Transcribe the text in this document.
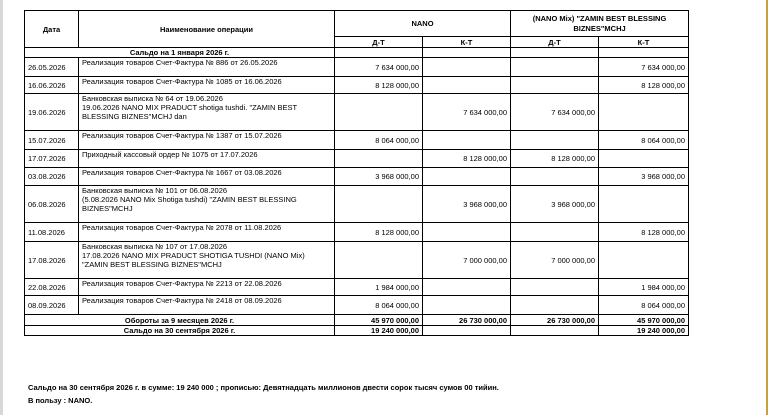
Дата	Наименование операции	NANO		(NANO Mix) "ZAMIN BEST BLESSING BIZNES"MCHJ	
		Д-Т	К-Т	Д-Т	К-Т
Сальдо на 1 января 2026 г.					
26.05.2026	Реализация товаров Счет-Фактура № 886 от 26.05.2026	7 634 000,00			7 634 000,00
16.06.2026	Реализация товаров Счет-Фактура № 1085 от 16.06.2026	8 128 000,00			8 128 000,00
19.06.2026	Банковская выписка № 64 от 19.06.2026
19.06.2026 NANO MIX PRADUCT shotiga tushdi. "ZAMIN BEST BLESSING BIZNES"MCHJ dan		7 634 000,00	7 634 000,00	
15.07.2026	Реализация товаров Счет-Фактура № 1387 от 15.07.2026	8 064 000,00			8 064 000,00
17.07.2026	Приходный кассовый ордер № 1075 от 17.07.2026		8 128 000,00	8 128 000,00	
03.08.2026	Реализация товаров Счет-Фактура № 1667 от 03.08.2026	3 968 000,00			3 968 000,00
06.08.2026	Банковская выписка № 101 от 06.08.2026
(5.08.2026 NANO Mix Shotiga tushdi) "ZAMIN BEST BLESSING BIZNES"MCHJ		3 968 000,00	3 968 000,00	
11.08.2026	Реализация товаров Счет-Фактура № 2078 от 11.08.2026	8 128 000,00			8 128 000,00
17.08.2026	Банковская выписка № 107 от 17.08.2026
17.08.2026 NANO MIX PRADUCT SHOTIGA TUSHDI (NANO Mix) "ZAMIN BEST BLESSING BIZNES"MCHJ		7 000 000,00	7 000 000,00	
22.08.2026	Реализация товаров Счет-Фактура № 2213 от 22.08.2026	1 984 000,00			1 984 000,00
08.09.2026	Реализация товаров Счет-Фактура № 2418 от 08.09.2026	8 064 000,00			8 064 000,00
Обороты за 9 месяцев 2026 г.		45 970 000,00	26 730 000,00	26 730 000,00	45 970 000,00
Сальдо на 30 сентября 2026 г.		19 240 000,00			19 240 000,00
Сальдо на 30 сентября 2026 г. в сумме: 19 240 000 ; прописью: Девятнадцать миллионов двести сорок тысяч сумов 00 тийин.
В пользу : NANO.
